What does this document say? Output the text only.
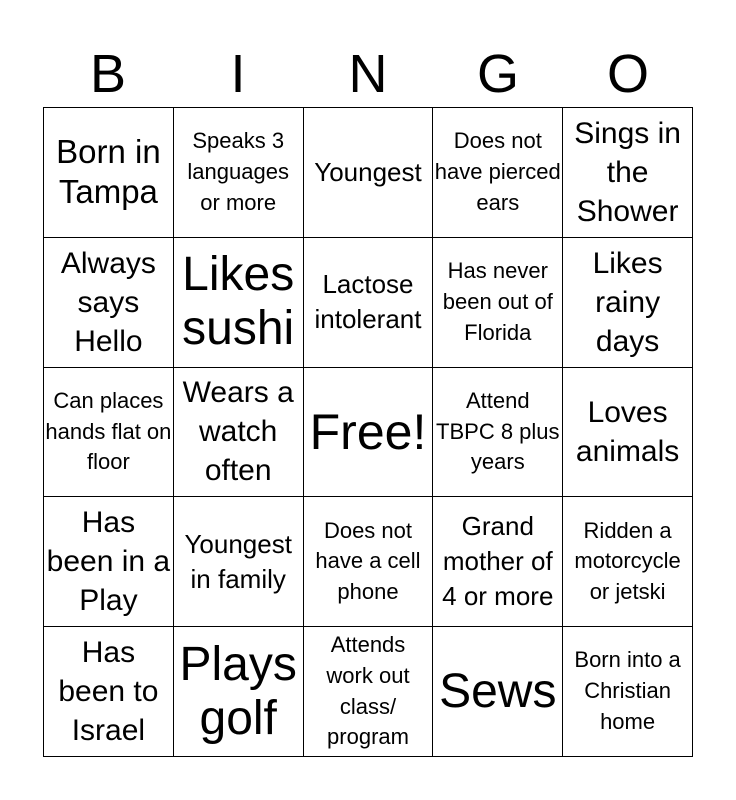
B	I	N	G	O
Born in Tampa	Speaks 3 languages or more	Youngest	Does not have pierced ears	Sings in the Shower

Always says Hello	Likes sushi	Lactose intolerant	Has never been out of Florida	Likes rainy days

Can places hands flat on floor	Wears a watch often	Free!	Attend TBPC 8 plus years	Loves animals

Has been in a Play	Youngest in family	Does not have a cell phone	Grand mother of 4 or more	Ridden a motorcycle or jetski

Has been to Israel	Plays golf	Attends work out class/ program	Sews	Born into a Christian home
